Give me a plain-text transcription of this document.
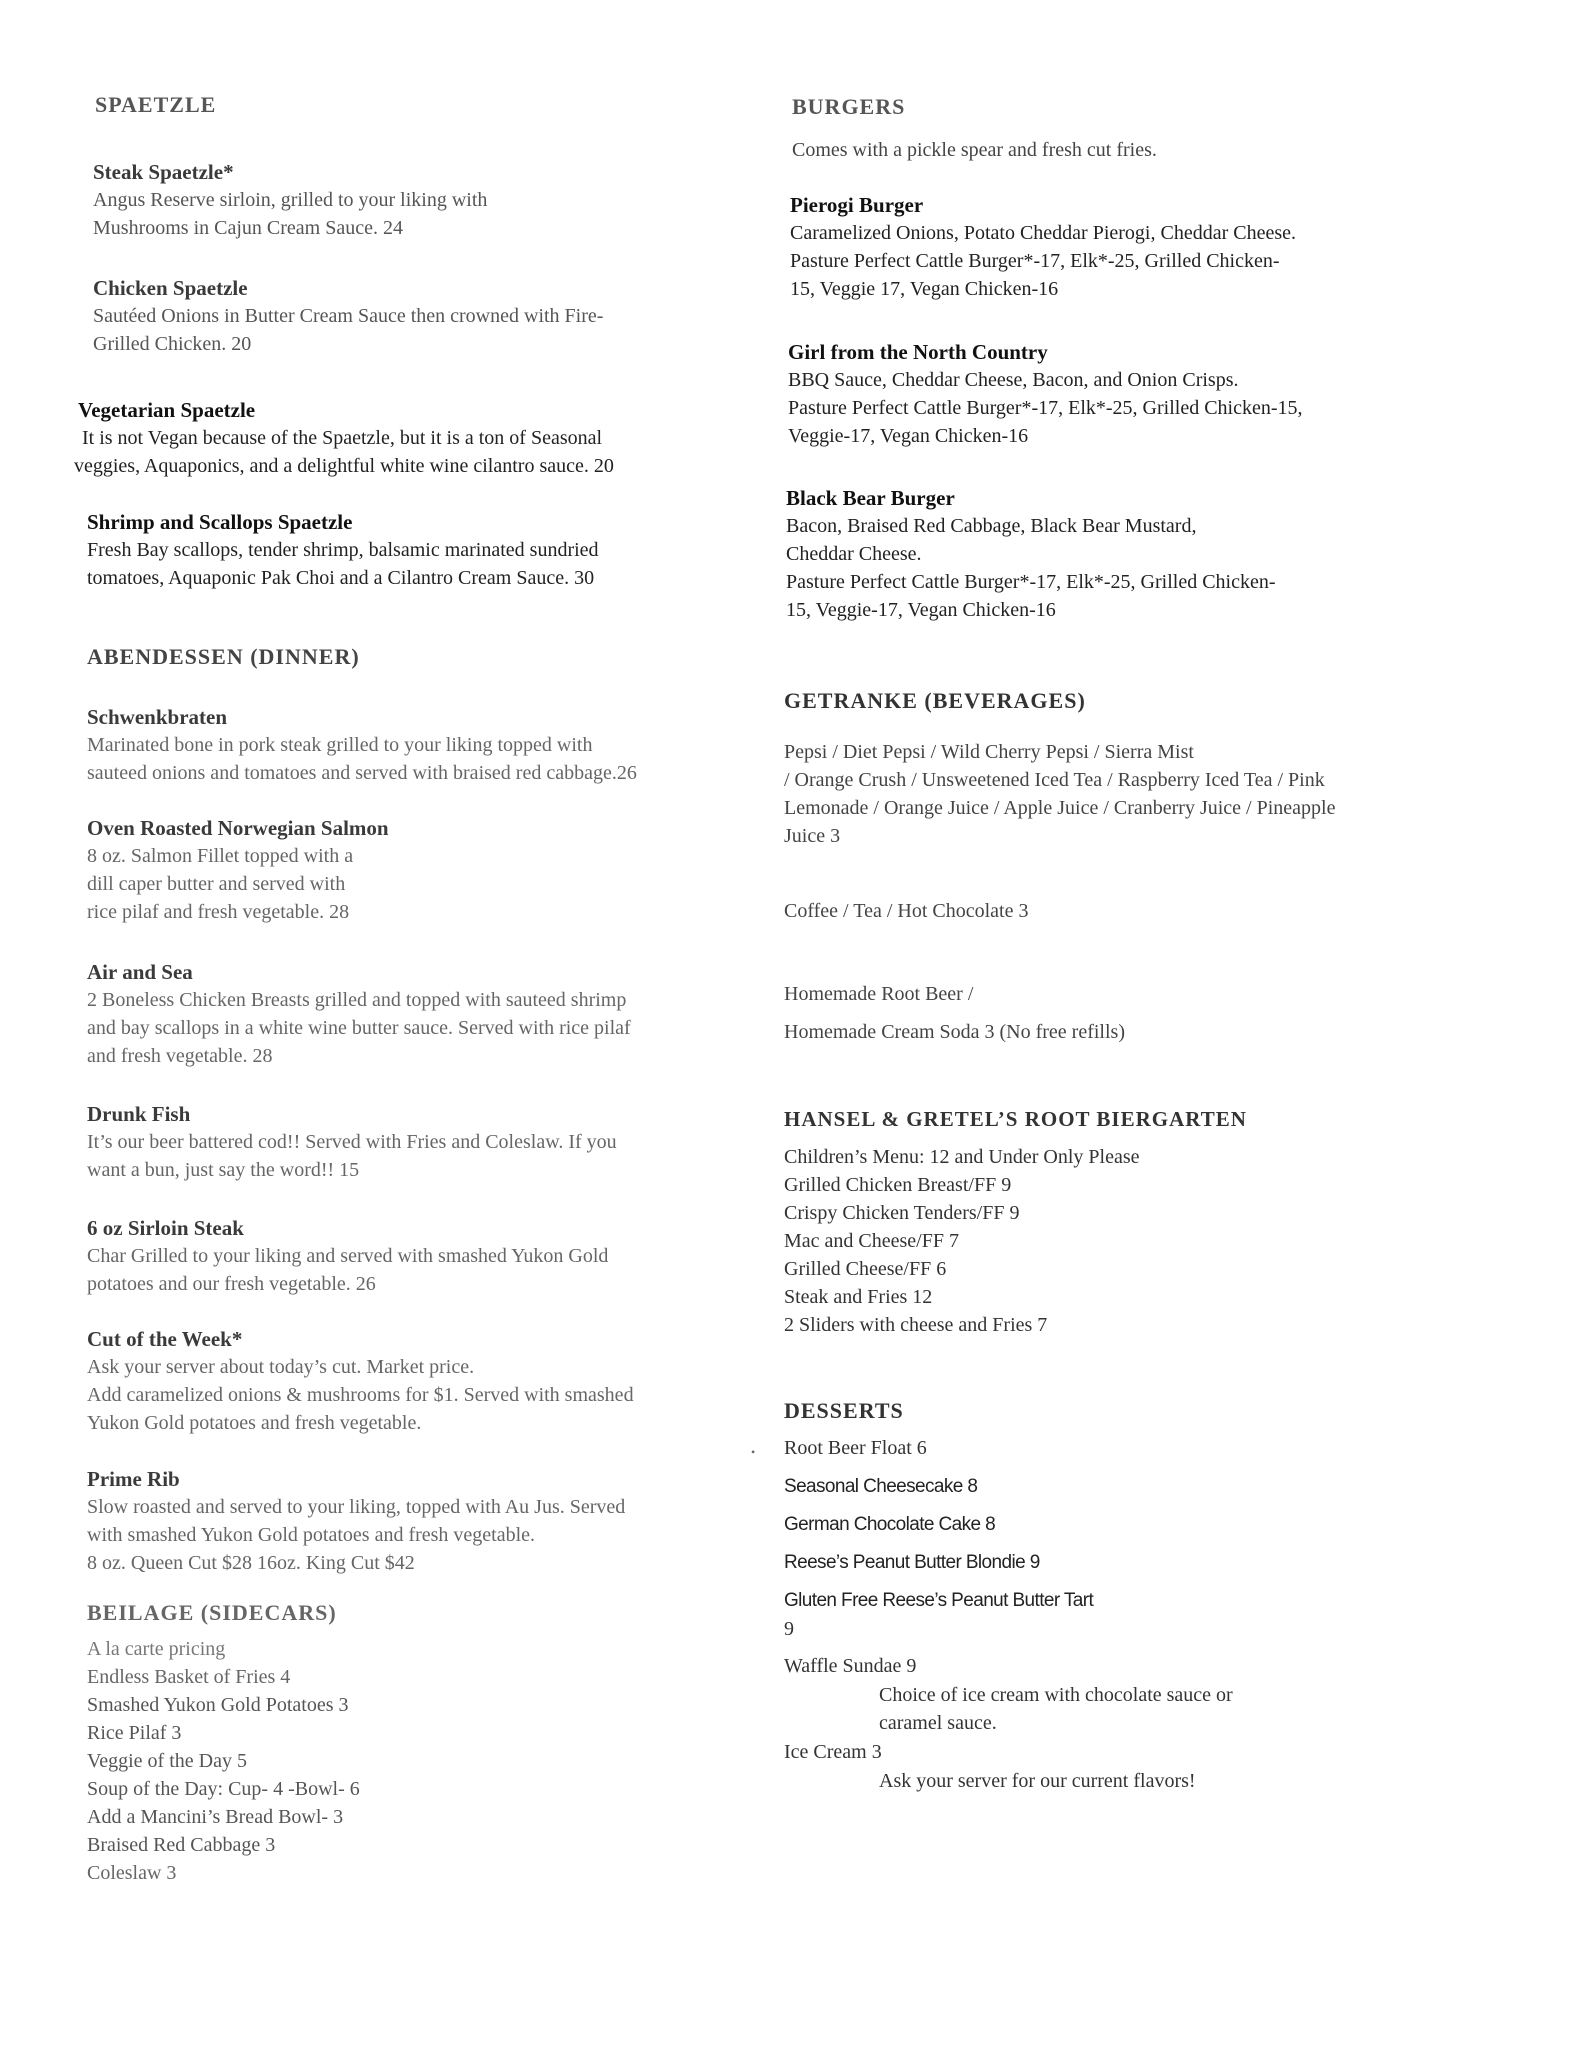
SPAETZLE

Steak Spaetzle*

Angus Reserve sirloin, grilled to your liking with

Mushrooms in Cajun Cream Sauce. 24

Chicken Spaetzle

Sautéed Onions in Butter Cream Sauce then crowned with Fire-

Grilled Chicken. 20

Vegetarian Spaetzle

It is not Vegan because of the Spaetzle, but it is a ton of Seasonal

veggies, Aquaponics, and a delightful white wine cilantro sauce. 20

Shrimp and Scallops Spaetzle

Fresh Bay scallops, tender shrimp, balsamic marinated sundried

tomatoes, Aquaponic Pak Choi and a Cilantro Cream Sauce. 30

ABENDESSEN (DINNER)

Schwenkbraten

Marinated bone in pork steak grilled to your liking topped with

sauteed onions and tomatoes and served with braised red cabbage.26

Oven Roasted Norwegian Salmon

8 oz. Salmon Fillet topped with a

dill caper butter and served with

rice pilaf and fresh vegetable. 28

Air and Sea

2 Boneless Chicken Breasts grilled and topped with sauteed shrimp

and bay scallops in a white wine butter sauce. Served with rice pilaf

and fresh vegetable. 28

Drunk Fish

It’s our beer battered cod!! Served with Fries and Coleslaw. If you

want a bun, just say the word!! 15

6 oz Sirloin Steak

Char Grilled to your liking and served with smashed Yukon Gold

potatoes and our fresh vegetable. 26

Cut of the Week*

Ask your server about today’s cut. Market price.

Add caramelized onions & mushrooms for $1. Served with smashed

Yukon Gold potatoes and fresh vegetable.

Prime Rib

Slow roasted and served to your liking, topped with Au Jus. Served

with smashed Yukon Gold potatoes and fresh vegetable.

8 oz. Queen Cut $28 16oz. King Cut $42

BEILAGE (SIDECARS)

A la carte pricing

Endless Basket of Fries 4

Smashed Yukon Gold Potatoes 3

Rice Pilaf 3

Veggie of the Day 5

Soup of the Day: Cup- 4 -Bowl- 6

Add a Mancini’s Bread Bowl- 3

Braised Red Cabbage 3

Coleslaw 3

BURGERS

Comes with a pickle spear and fresh cut fries.

Pierogi Burger

Caramelized Onions, Potato Cheddar Pierogi, Cheddar Cheese.

Pasture Perfect Cattle Burger*-17, Elk*-25, Grilled Chicken-

15, Veggie 17, Vegan Chicken-16

Girl from the North Country

BBQ Sauce, Cheddar Cheese, Bacon, and Onion Crisps.

Pasture Perfect Cattle Burger*-17, Elk*-25, Grilled Chicken-15,

Veggie-17, Vegan Chicken-16

Black Bear Burger

Bacon, Braised Red Cabbage, Black Bear Mustard,

Cheddar Cheese.

Pasture Perfect Cattle Burger*-17, Elk*-25, Grilled Chicken-

15, Veggie-17, Vegan Chicken-16

GETRANKE (BEVERAGES)

Pepsi / Diet Pepsi / Wild Cherry Pepsi / Sierra Mist

/ Orange Crush / Unsweetened Iced Tea / Raspberry Iced Tea / Pink

Lemonade / Orange Juice / Apple Juice / Cranberry Juice / Pineapple

Juice 3

Coffee / Tea / Hot Chocolate 3

Homemade Root Beer /

Homemade Cream Soda 3 (No free refills)

HANSEL & GRETEL’S ROOT BIERGARTEN

Children’s Menu: 12 and Under Only Please

Grilled Chicken Breast/FF 9

Crispy Chicken Tenders/FF 9

Mac and Cheese/FF 7

Grilled Cheese/FF 6

Steak and Fries 12

2 Sliders with cheese and Fries 7

DESSERTS

Root Beer Float 6

Seasonal Cheesecake 8

German Chocolate Cake 8

Reese’s Peanut Butter Blondie 9

Gluten Free Reese’s Peanut Butter Tart

9

Waffle Sundae 9

Choice of ice cream with chocolate sauce or

caramel sauce.

Ice Cream 3

Ask your server for our current flavors!

•
